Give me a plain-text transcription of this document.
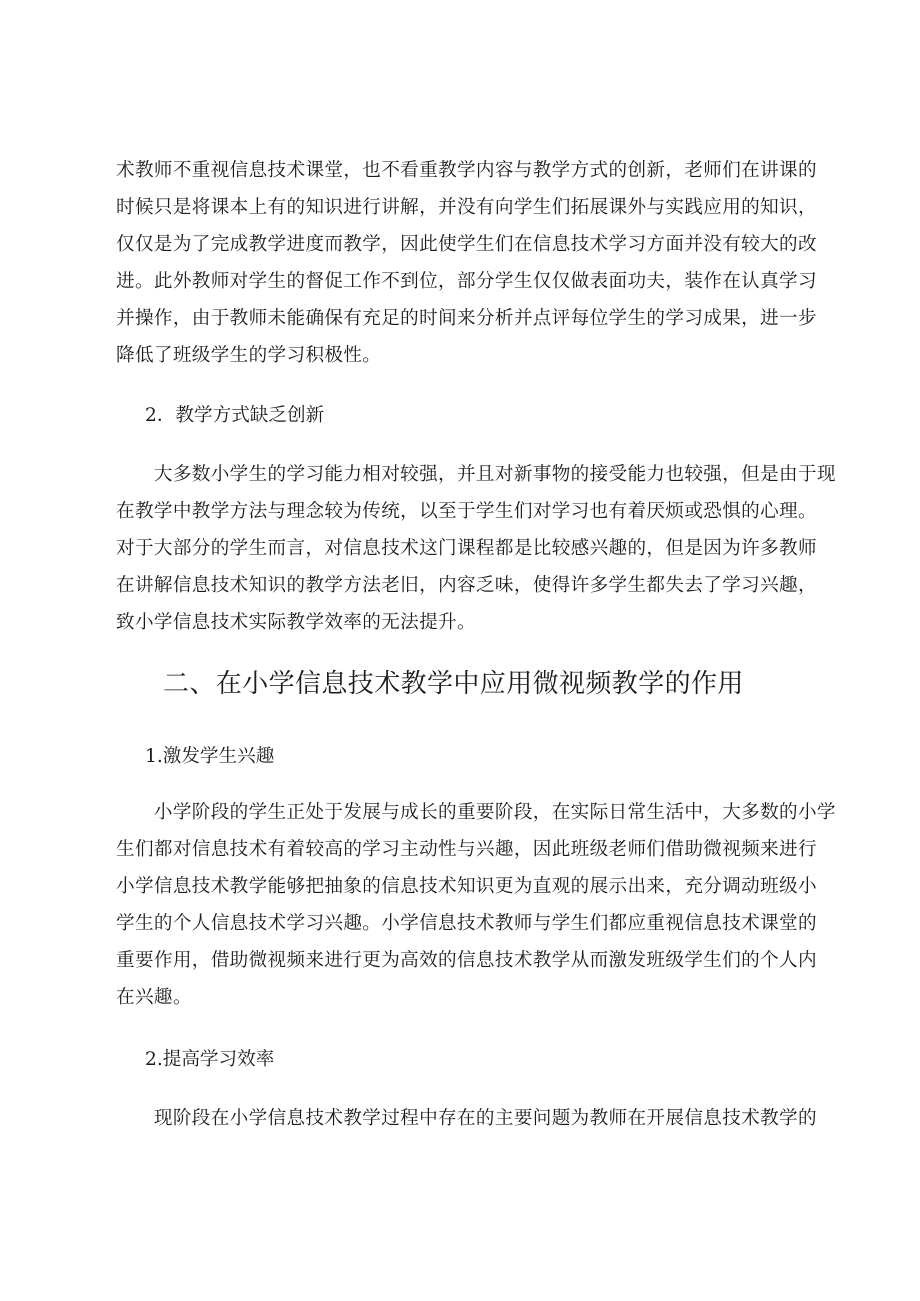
术教师不重视信息技术课堂，也不看重教学内容与教学方式的创新，老师们在讲课的
时候只是将课本上有的知识进行讲解，并没有向学生们拓展课外与实践应用的知识，
仅仅是为了完成教学进度而教学，因此使学生们在信息技术学习方面并没有较大的改
进。此外教师对学生的督促工作不到位，部分学生仅仅做表面功夫，装作在认真学习
并操作，由于教师未能确保有充足的时间来分析并点评每位学生的学习成果，进一步
降低了班级学生的学习积极性。

2．教学方式缺乏创新

　　大多数小学生的学习能力相对较强，并且对新事物的接受能力也较强，但是由于现
在教学中教学方法与理念较为传统，以至于学生们对学习也有着厌烦或恐惧的心理。
对于大部分的学生而言，对信息技术这门课程都是比较感兴趣的，但是因为许多教师
在讲解信息技术知识的教学方法老旧，内容乏味，使得许多学生都失去了学习兴趣，
致小学信息技术实际教学效率的无法提升。
二、在小学信息技术教学中应用微视频教学的作用

1.激发学生兴趣

　　小学阶段的学生正处于发展与成长的重要阶段，在实际日常生活中，大多数的小学
生们都对信息技术有着较高的学习主动性与兴趣，因此班级老师们借助微视频来进行
小学信息技术教学能够把抽象的信息技术知识更为直观的展示出来，充分调动班级小
学生的个人信息技术学习兴趣。小学信息技术教师与学生们都应重视信息技术课堂的
重要作用，借助微视频来进行更为高效的信息技术教学从而激发班级学生们的个人内
在兴趣。

2.提高学习效率

　　现阶段在小学信息技术教学过程中存在的主要问题为教师在开展信息技术教学的
